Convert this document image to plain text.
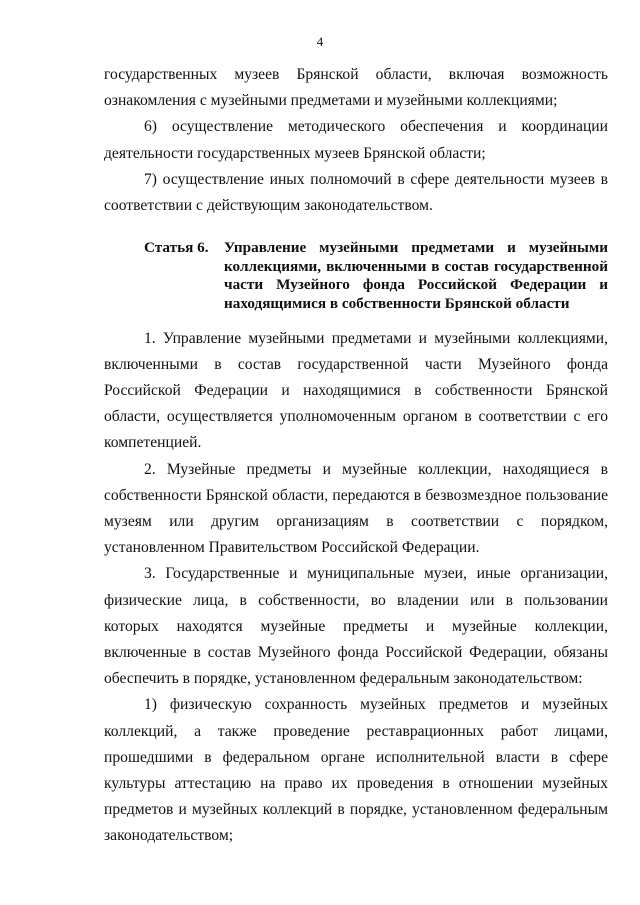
4

государственных музеев Брянской области, включая возможность ознакомления с музейными предметами и музейными коллекциями;

6) осуществление методического обеспечения и координации деятельности государственных музеев Брянской области;

7) осуществление иных полномочий в сфере деятельности музеев в соответствии с действующим законодательством.

Статья 6.	Управление музейными предметами и музейными коллекциями, включенными в состав государственной части Музейного фонда Российской Федерации и находящимися в собственности Брянской области

1. Управление музейными предметами и музейными коллекциями, включенными в состав государственной части Музейного фонда Российской Федерации и находящимися в собственности Брянской области, осуществляется уполномоченным органом в соответствии с его компетенцией.

2. Музейные предметы и музейные коллекции, находящиеся в собственности Брянской области, передаются в безвозмездное пользование музеям или другим организациям в соответствии с порядком, установленном Правительством Российской Федерации.

3. Государственные и муниципальные музеи, иные организации, физические лица, в собственности, во владении или в пользовании которых находятся музейные предметы и музейные коллекции, включенные в состав Музейного фонда Российской Федерации, обязаны обеспечить в порядке, установленном федеральным законодательством:

1) физическую сохранность музейных предметов и музейных коллекций, а также проведение реставрационных работ лицами, прошедшими в федеральном органе исполнительной власти в сфере культуры аттестацию на право их проведения в отношении музейных предметов и музейных коллекций в порядке, установленном федеральным законодательством;
